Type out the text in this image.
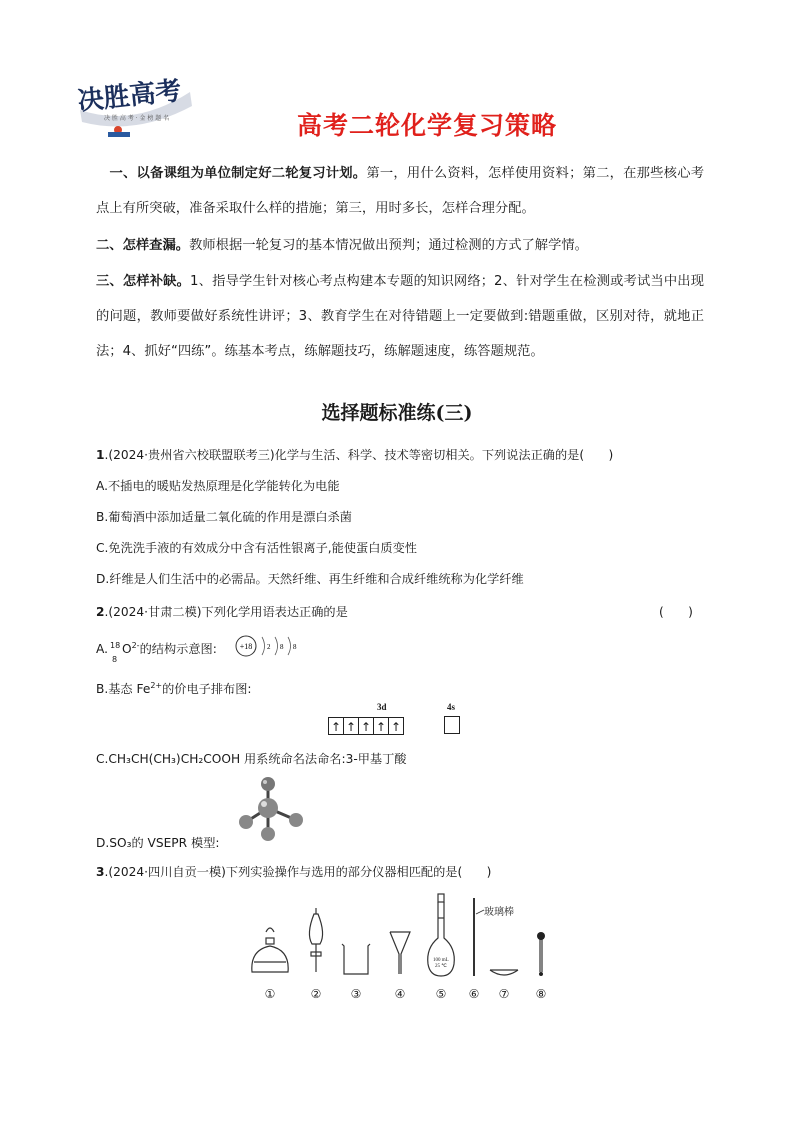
决胜高考
决 胜 高 考 · 金 榜 题 名	高考二轮化学复习策略
 一、以备课组为单位制定好二轮复习计划。第一，用什么资料，怎样使用资料；第二，在那些核心考点上有所突破，准备采取什么样的措施；第三，用时多长，怎样合理分配。
二、怎样查漏。教师根据一轮复习的基本情况做出预判；通过检测的方式了解学情。
三、怎样补缺。1、指导学生针对核心考点构建本专题的知识网络；2、针对学生在检测或考试当中出现的问题，教师要做好系统性讲评；3、教育学生在对待错题上一定要做到:错题重做，区别对待，就地正法；4、抓好“四练”。练基本考点，练解题技巧，练解题速度，练答题规范。
选择题标准练(三)
1.(2024·贵州省六校联盟联考三)化学与生活、科学、技术等密切相关。下列说法正确的是(　　)
A.不插电的暖贴发热原理是化学能转化为电能
B.葡萄酒中添加适量二氧化硫的作用是漂白杀菌
C.免洗洗手液的有效成分中含有活性银离子,能使蛋白质变性
D.纤维是人们生活中的必需品。天然纤维、再生纤维和合成纤维统称为化学纤维
2.(2024·甘肃二模)下列化学用语表达正确的是	(　　)
A. 18
8
$O^{2-}$的结构示意图:	+18 2 8 8
B.基态 $Fe^{2+}$的价电子排布图:
3d	4s
↑ ↑ ↑ ↑ ↑
C.CH₃CH(CH₃)CH₂COOH 用系统命名法命名:3-甲基丁酸
D.SO₃的 VSEPR 模型:
3.(2024·四川自贡一模)下列实验操作与选用的部分仪器相匹配的是(　　)
100 mL
25 ℃
玻璃棒
①	② ③	④	⑤ ⑥ ⑦ ⑧
